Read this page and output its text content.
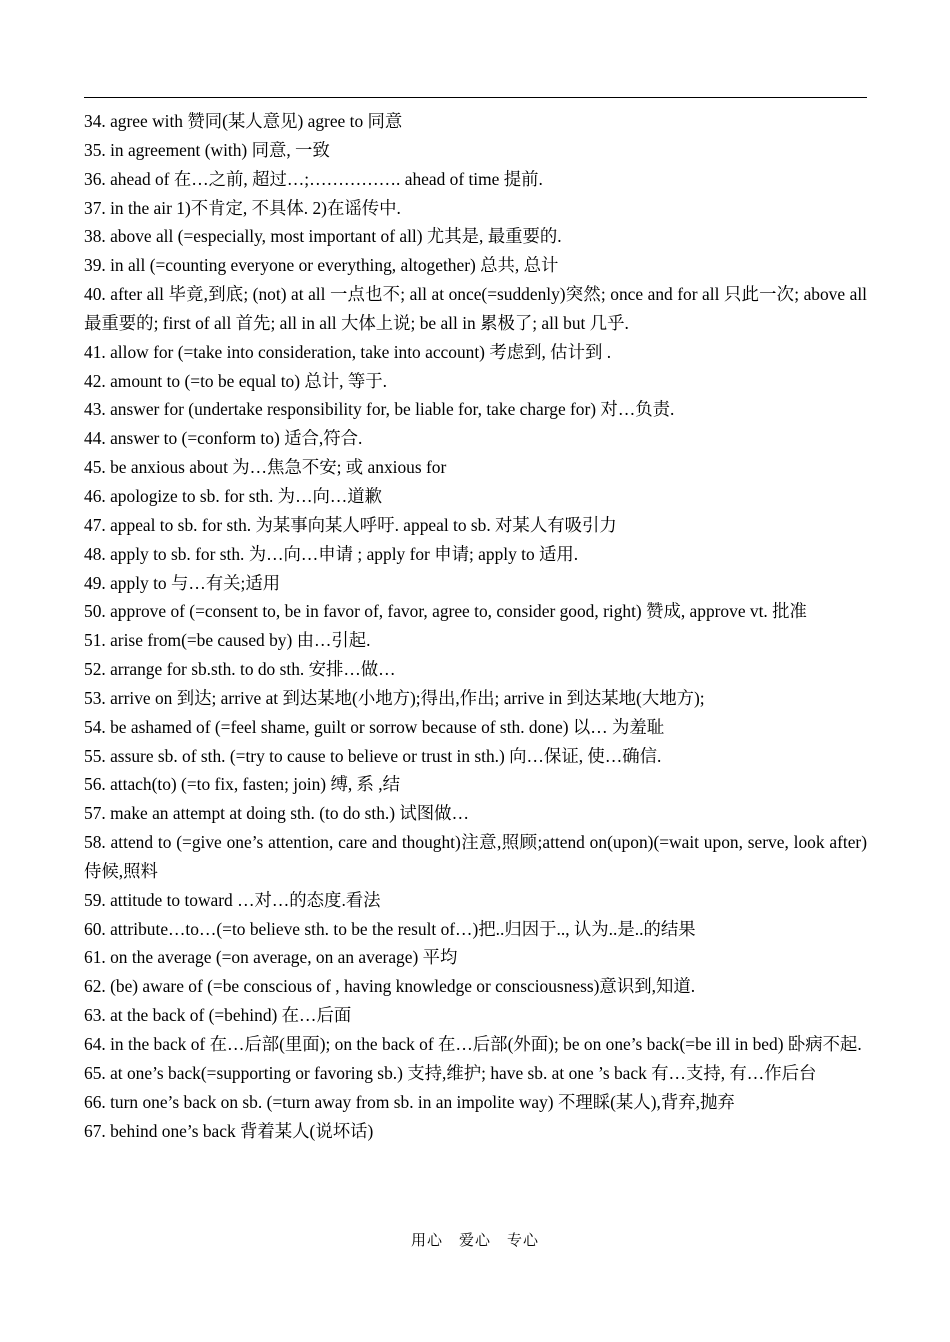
34. agree with 赞同(某人意见) agree to 同意
35. in agreement (with) 同意, 一致
36. ahead of 在…之前, 超过…;……………. ahead of time 提前.
37. in the air 1)不肯定, 不具体. 2)在谣传中.
38. above all (=especially, most important of all) 尤其是, 最重要的.
39. in all (=counting everyone or everything, altogether) 总共, 总计
40. after all 毕竟,到底; (not) at all 一点也不; all at once(=suddenly)突然; once and for all 只此一次; above all 最重要的; first of all 首先; all in all 大体上说; be all in 累极了; all but 几乎.
41. allow for (=take into consideration, take into account) 考虑到, 估计到 .
42. amount to (=to be equal to) 总计, 等于.
43. answer for (undertake responsibility for, be liable for, take charge for) 对…负责.
44. answer to (=conform to) 适合,符合.
45. be anxious about 为…焦急不安; 或 anxious for
46. apologize to sb. for sth. 为…向…道歉
47. appeal to sb. for sth. 为某事向某人呼吁. appeal to sb. 对某人有吸引力
48. apply to sb. for sth. 为…向…申请 ; apply for 申请; apply to 适用.
49. apply to 与…有关;适用
50. approve of (=consent to, be in favor of, favor, agree to, consider good, right) 赞成, approve vt. 批准
51. arise from(=be caused by) 由…引起.
52. arrange for sb.sth. to do sth. 安排…做…
53. arrive on 到达; arrive at 到达某地(小地方);得出,作出; arrive in 到达某地(大地方);
54. be ashamed of (=feel shame, guilt or sorrow because of sth. done) 以… 为羞耻
55. assure sb. of sth. (=try to cause to believe or trust in sth.) 向…保证, 使…确信.
56. attach(to) (=to fix, fasten; join) 缚, 系 ,结
57. make an attempt at doing sth. (to do sth.) 试图做…
58. attend to (=give one’s attention, care and thought)注意,照顾;attend on(upon)(=wait upon, serve, look after) 侍候,照料
59. attitude to toward …对…的态度.看法
60. attribute…to…(=to believe sth. to be the result of…)把..归因于.., 认为..是..的结果
61. on the average (=on average, on an average) 平均
62. (be) aware of (=be conscious of , having knowledge or consciousness)意识到,知道.
63. at the back of (=behind) 在…后面
64. in the back of 在…后部(里面); on the back of 在…后部(外面); be on one’s back(=be ill in bed) 卧病不起.
65. at one’s back(=supporting or favoring sb.) 支持,维护; have sb. at one ’s back 有…支持, 有…作后台
66. turn one’s back on sb. (=turn away from sb. in an impolite way) 不理睬(某人),背弃,抛弃
67. behind one’s back 背着某人(说坏话)
用心　爱心　专心
